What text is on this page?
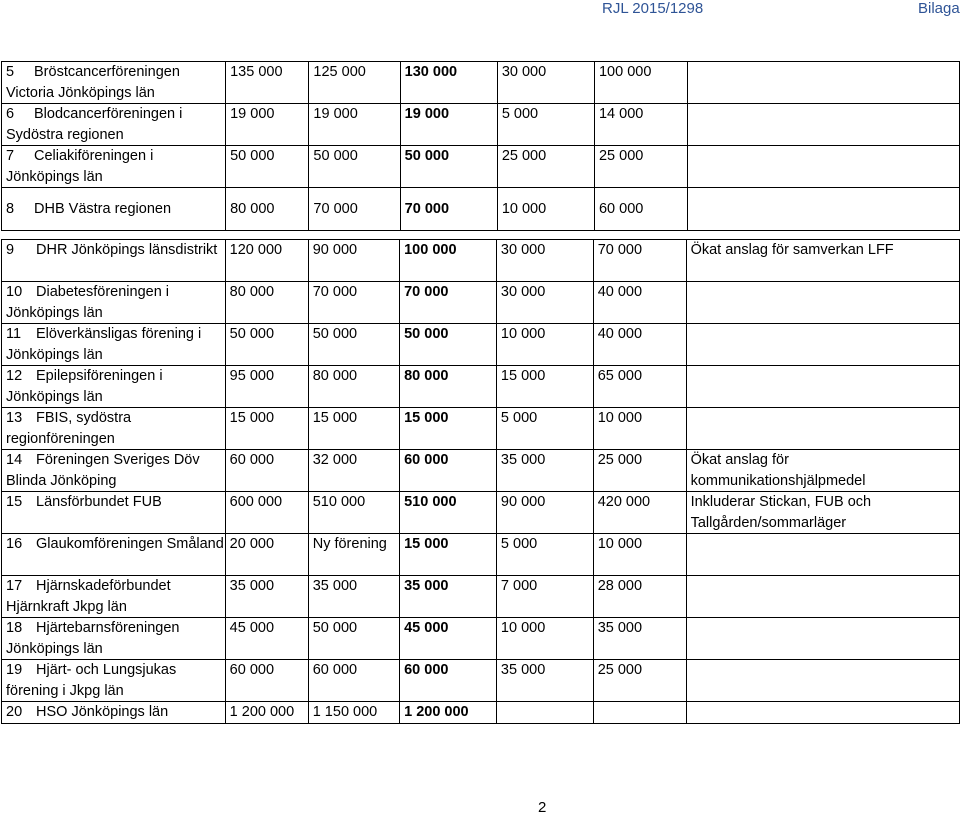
RJL 2015/1298	Bilaga
5 Bröstcancerföreningen Victoria Jönköpings län	135 000	125 000	130 000	30 000	100 000	
6 Blodcancerföreningen i Sydöstra regionen	19 000	19 000	19 000	5 000	14 000	
7 Celiakiföreningen i Jönköpings län	50 000	50 000	50 000	25 000	25 000	
8 DHB Västra regionen	80 000	70 000	70 000	10 000	60 000	
9 DHR Jönköpings länsdistrikt	120 000	90 000	100 000	30 000	70 000	Ökat anslag för samverkan LFF
10 Diabetesföreningen i Jönköpings län	80 000	70 000	70 000	30 000	40 000	
11 Elöverkänsligas förening i Jönköpings län	50 000	50 000	50 000	10 000	40 000	
12 Epilepsiföreningen i Jönköpings län	95 000	80 000	80 000	15 000	65 000	
13 FBIS, sydöstra regionföreningen	15 000	15 000	15 000	5 000	10 000	
14 Föreningen Sveriges Döv Blinda Jönköping	60 000	32 000	60 000	35 000	25 000	Ökat anslag för kommunikationshjälpmedel
15 Länsförbundet FUB	600 000	510 000	510 000	90 000	420 000	Inkluderar Stickan, FUB och Tallgården/sommarläger
16 Glaukomföreningen Småland	20 000	Ny förening	15 000	5 000	10 000	
17 Hjärnskadeförbundet Hjärnkraft Jkpg län	35 000	35 000	35 000	7 000	28 000	
18 Hjärtebarnsföreningen Jönköpings län	45 000	50 000	45 000	10 000	35 000	
19 Hjärt- och Lungsjukas förening i Jkpg län	60 000	60 000	60 000	35 000	25 000	
20 HSO Jönköpings län	1 200 000	1 150 000	1 200 000			
2
